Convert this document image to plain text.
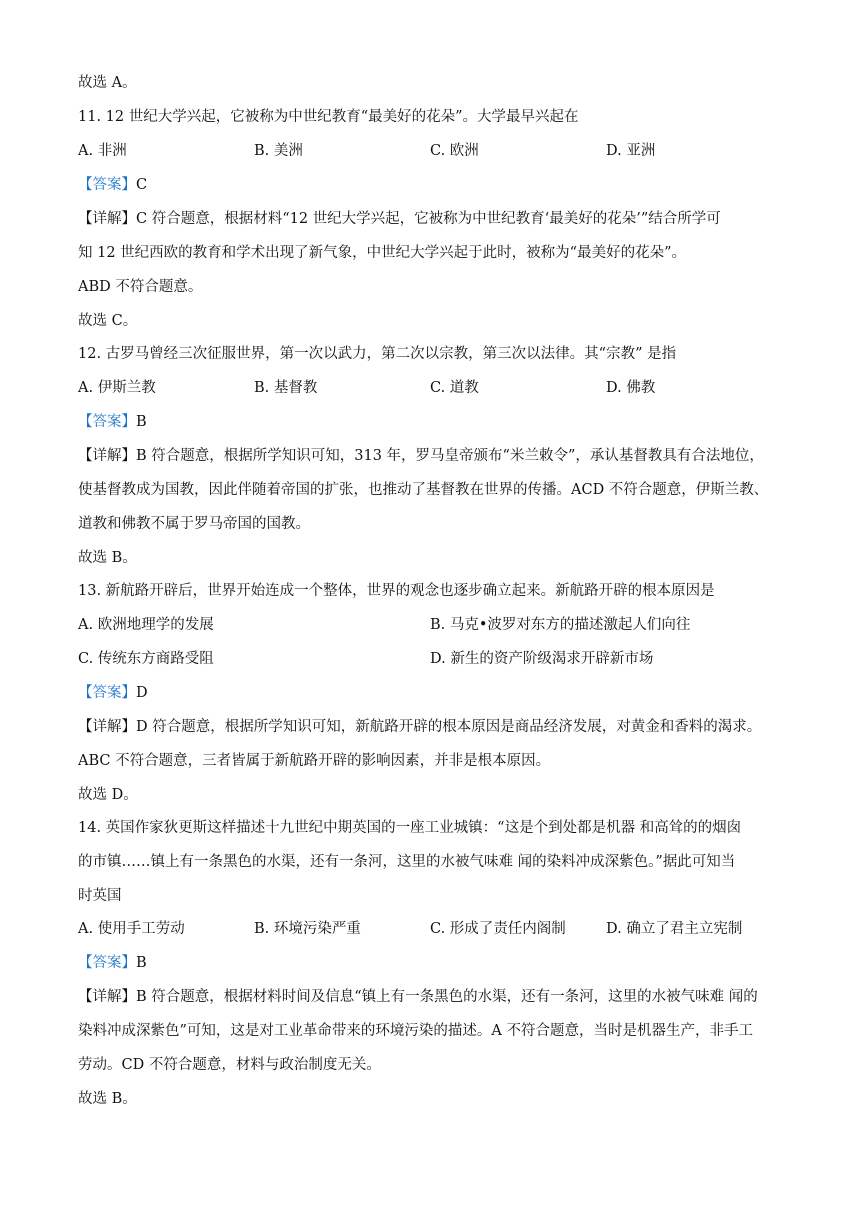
故选 A。
11. 12 世纪大学兴起，它被称为中世纪教育“最美好的花朵”。大学最早兴起在
A. 非洲	B. 美洲	C. 欧洲	D. 亚洲
【答案】C
【详解】C 符合题意，根据材料“12 世纪大学兴起，它被称为中世纪教育‘最美好的花朵’”结合所学可
知 12 世纪西欧的教育和学术出现了新气象，中世纪大学兴起于此时，被称为“最美好的花朵”。
ABD 不符合题意。
故选 C。
12. 古罗马曾经三次征服世界，第一次以武力，第二次以宗教，第三次以法律。其“宗教” 是指
A. 伊斯兰教	B. 基督教	C. 道教	D. 佛教
【答案】B
【详解】B 符合题意，根据所学知识可知，313 年，罗马皇帝颁布“米兰敕令”，承认基督教具有合法地位，
使基督教成为国教，因此伴随着帝国的扩张，也推动了基督教在世界的传播。ACD 不符合题意，伊斯兰教、
道教和佛教不属于罗马帝国的国教。
故选 B。
13. 新航路开辟后，世界开始连成一个整体，世界的观念也逐步确立起来。新航路开辟的根本原因是
A. 欧洲地理学的发展	B. 马克•波罗对东方的描述激起人们向往
C. 传统东方商路受阻	D. 新生的资产阶级渴求开辟新市场
【答案】D
【详解】D 符合题意，根据所学知识可知，新航路开辟的根本原因是商品经济发展，对黄金和香料的渴求。
ABC 不符合题意，三者皆属于新航路开辟的影响因素，并非是根本原因。
故选 D。
14. 英国作家狄更斯这样描述十九世纪中期英国的一座工业城镇：“这是个到处都是机器 和高耸的的烟囱
的市镇……镇上有一条黑色的水渠，还有一条河，这里的水被气味难 闻的染料冲成深紫色。”据此可知当
时英国
A. 使用手工劳动	B. 环境污染严重	C. 形成了责任内阁制	D. 确立了君主立宪制
【答案】B
【详解】B 符合题意，根据材料时间及信息“镇上有一条黑色的水渠，还有一条河，这里的水被气味难 闻的
染料冲成深紫色”可知，这是对工业革命带来的环境污染的描述。A 不符合题意，当时是机器生产，非手工
劳动。CD 不符合题意，材料与政治制度无关。
故选 B。
